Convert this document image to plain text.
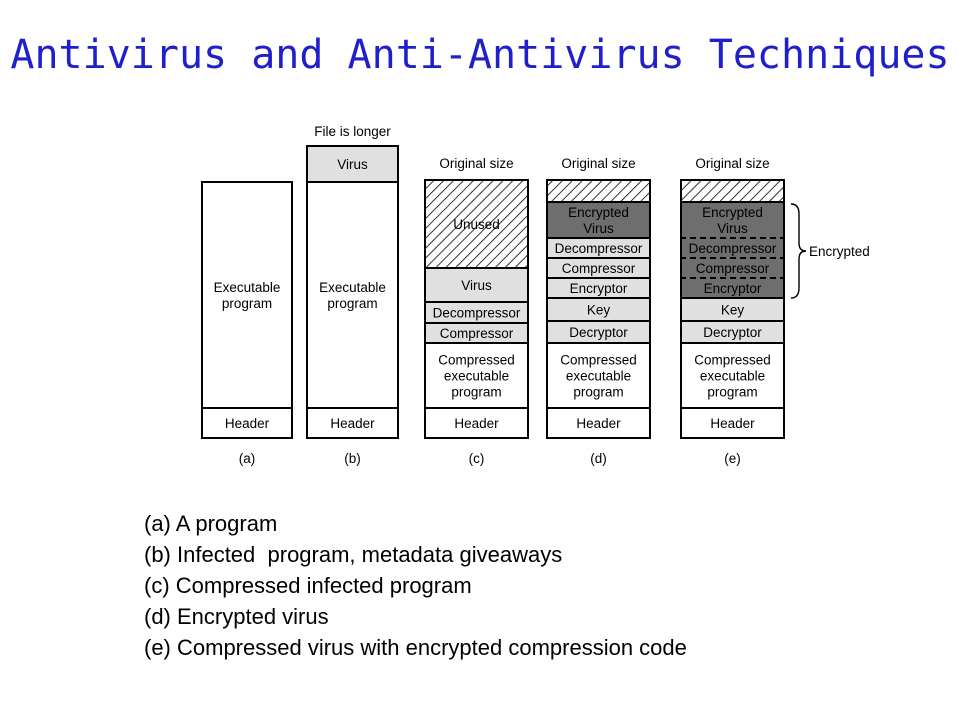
Antivirus and Anti-Antivirus Techniques
Executable program
Header
(a)
Virus
Executable program
Header
File is longer
(b)
Unused
Virus
Decompressor
Compressor
Compressed executable program
Header
Original size
(c)
Encrypted Virus
Decompressor
Compressor
Encryptor
Key
Decryptor
Compressed executable program
Header
Original size
(d)
Encrypted Virus
Decompressor
Compressor
Encryptor
Key
Decryptor
Compressed executable program
Header
Original size
(e)
Encrypted
(a) A program
(b) Infected  program, metadata giveaways
(c) Compressed infected program
(d) Encrypted virus
(e) Compressed virus with encrypted compression code
